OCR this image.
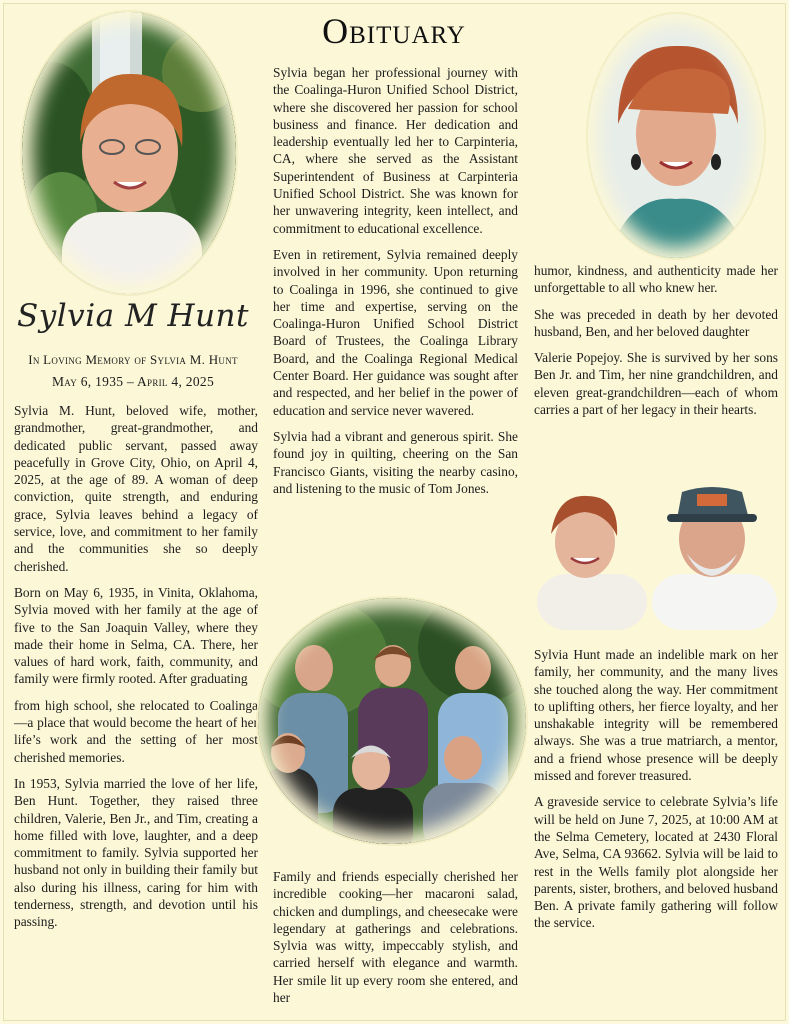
Obituary
Sylvia M Hunt
In Loving Memory of Sylvia M. Hunt
May 6, 1935 – April 4, 2025

Sylvia M. Hunt, beloved wife, mother, grandmother, great-grandmother, and dedicated public servant, passed away peacefully in Grove City, Ohio, on April 4, 2025, at the age of 89. A woman of deep conviction, quite strength, and enduring grace, Sylvia leaves behind a legacy of service, love, and commitment to her family and the communities she so deeply cherished.

Born on May 6, 1935, in Vinita, Oklahoma, Sylvia moved with her family at the age of five to the San Joaquin Valley, where they made their home in Selma, CA. There, her values of hard work, faith, community, and family were firmly rooted. After graduating

from high school, she relocated to Coalinga —a place that would become the heart of her life’s work and the setting of her most cherished memories.

In 1953, Sylvia married the love of her life, Ben Hunt. Together, they raised three children, Valerie, Ben Jr., and Tim, creating a home filled with love, laughter, and a deep commitment to family. Sylvia supported her husband not only in building their family but also during his illness, caring for him with tenderness, strength, and devotion until his passing.

Sylvia began her professional journey with the Coalinga-Huron Unified School District, where she discovered her passion for school business and finance. Her dedication and leadership eventually led her to Carpinteria, CA, where she served as the Assistant Superintendent of Business at Carpinteria Unified School District. She was known for her unwavering integrity, keen intellect, and commitment to educational excellence.

Even in retirement, Sylvia remained deeply involved in her community. Upon returning to Coalinga in 1996, she continued to give her time and expertise, serving on the Coalinga-Huron Unified School District Board of Trustees, the Coalinga Library Board, and the Coalinga Regional Medical Center Board. Her guidance was sought after and respected, and her belief in the power of education and service never wavered.

Sylvia had a vibrant and generous spirit. She found joy in quilting, cheering on the San Francisco Giants, visiting the nearby casino, and listening to the music of Tom Jones.

Family and friends especially cherished her incredible cooking—her macaroni salad, chicken and dumplings, and cheesecake were legendary at gatherings and celebrations. Sylvia was witty, impeccably stylish, and carried herself with elegance and warmth. Her smile lit up every room she entered, and her

humor, kindness, and authenticity made her unforgettable to all who knew her.

She was preceded in death by her devoted husband, Ben, and her beloved daughter

Valerie Popejoy. She is survived by her sons Ben Jr. and Tim, her nine grandchildren, and eleven great-grandchildren—each of whom carries a part of her legacy in their hearts.

Sylvia Hunt made an indelible mark on her family, her community, and the many lives she touched along the way. Her commitment to uplifting others, her fierce loyalty, and her unshakable integrity will be remembered always. She was a true matriarch, a mentor, and a friend whose presence will be deeply missed and forever treasured.

A graveside service to celebrate Sylvia’s life will be held on June 7, 2025, at 10:00 AM at the Selma Cemetery, located at 2430 Floral Ave, Selma, CA 93662. Sylvia will be laid to rest in the Wells family plot alongside her parents, sister, brothers, and beloved husband Ben. A private family gathering will follow the service.
